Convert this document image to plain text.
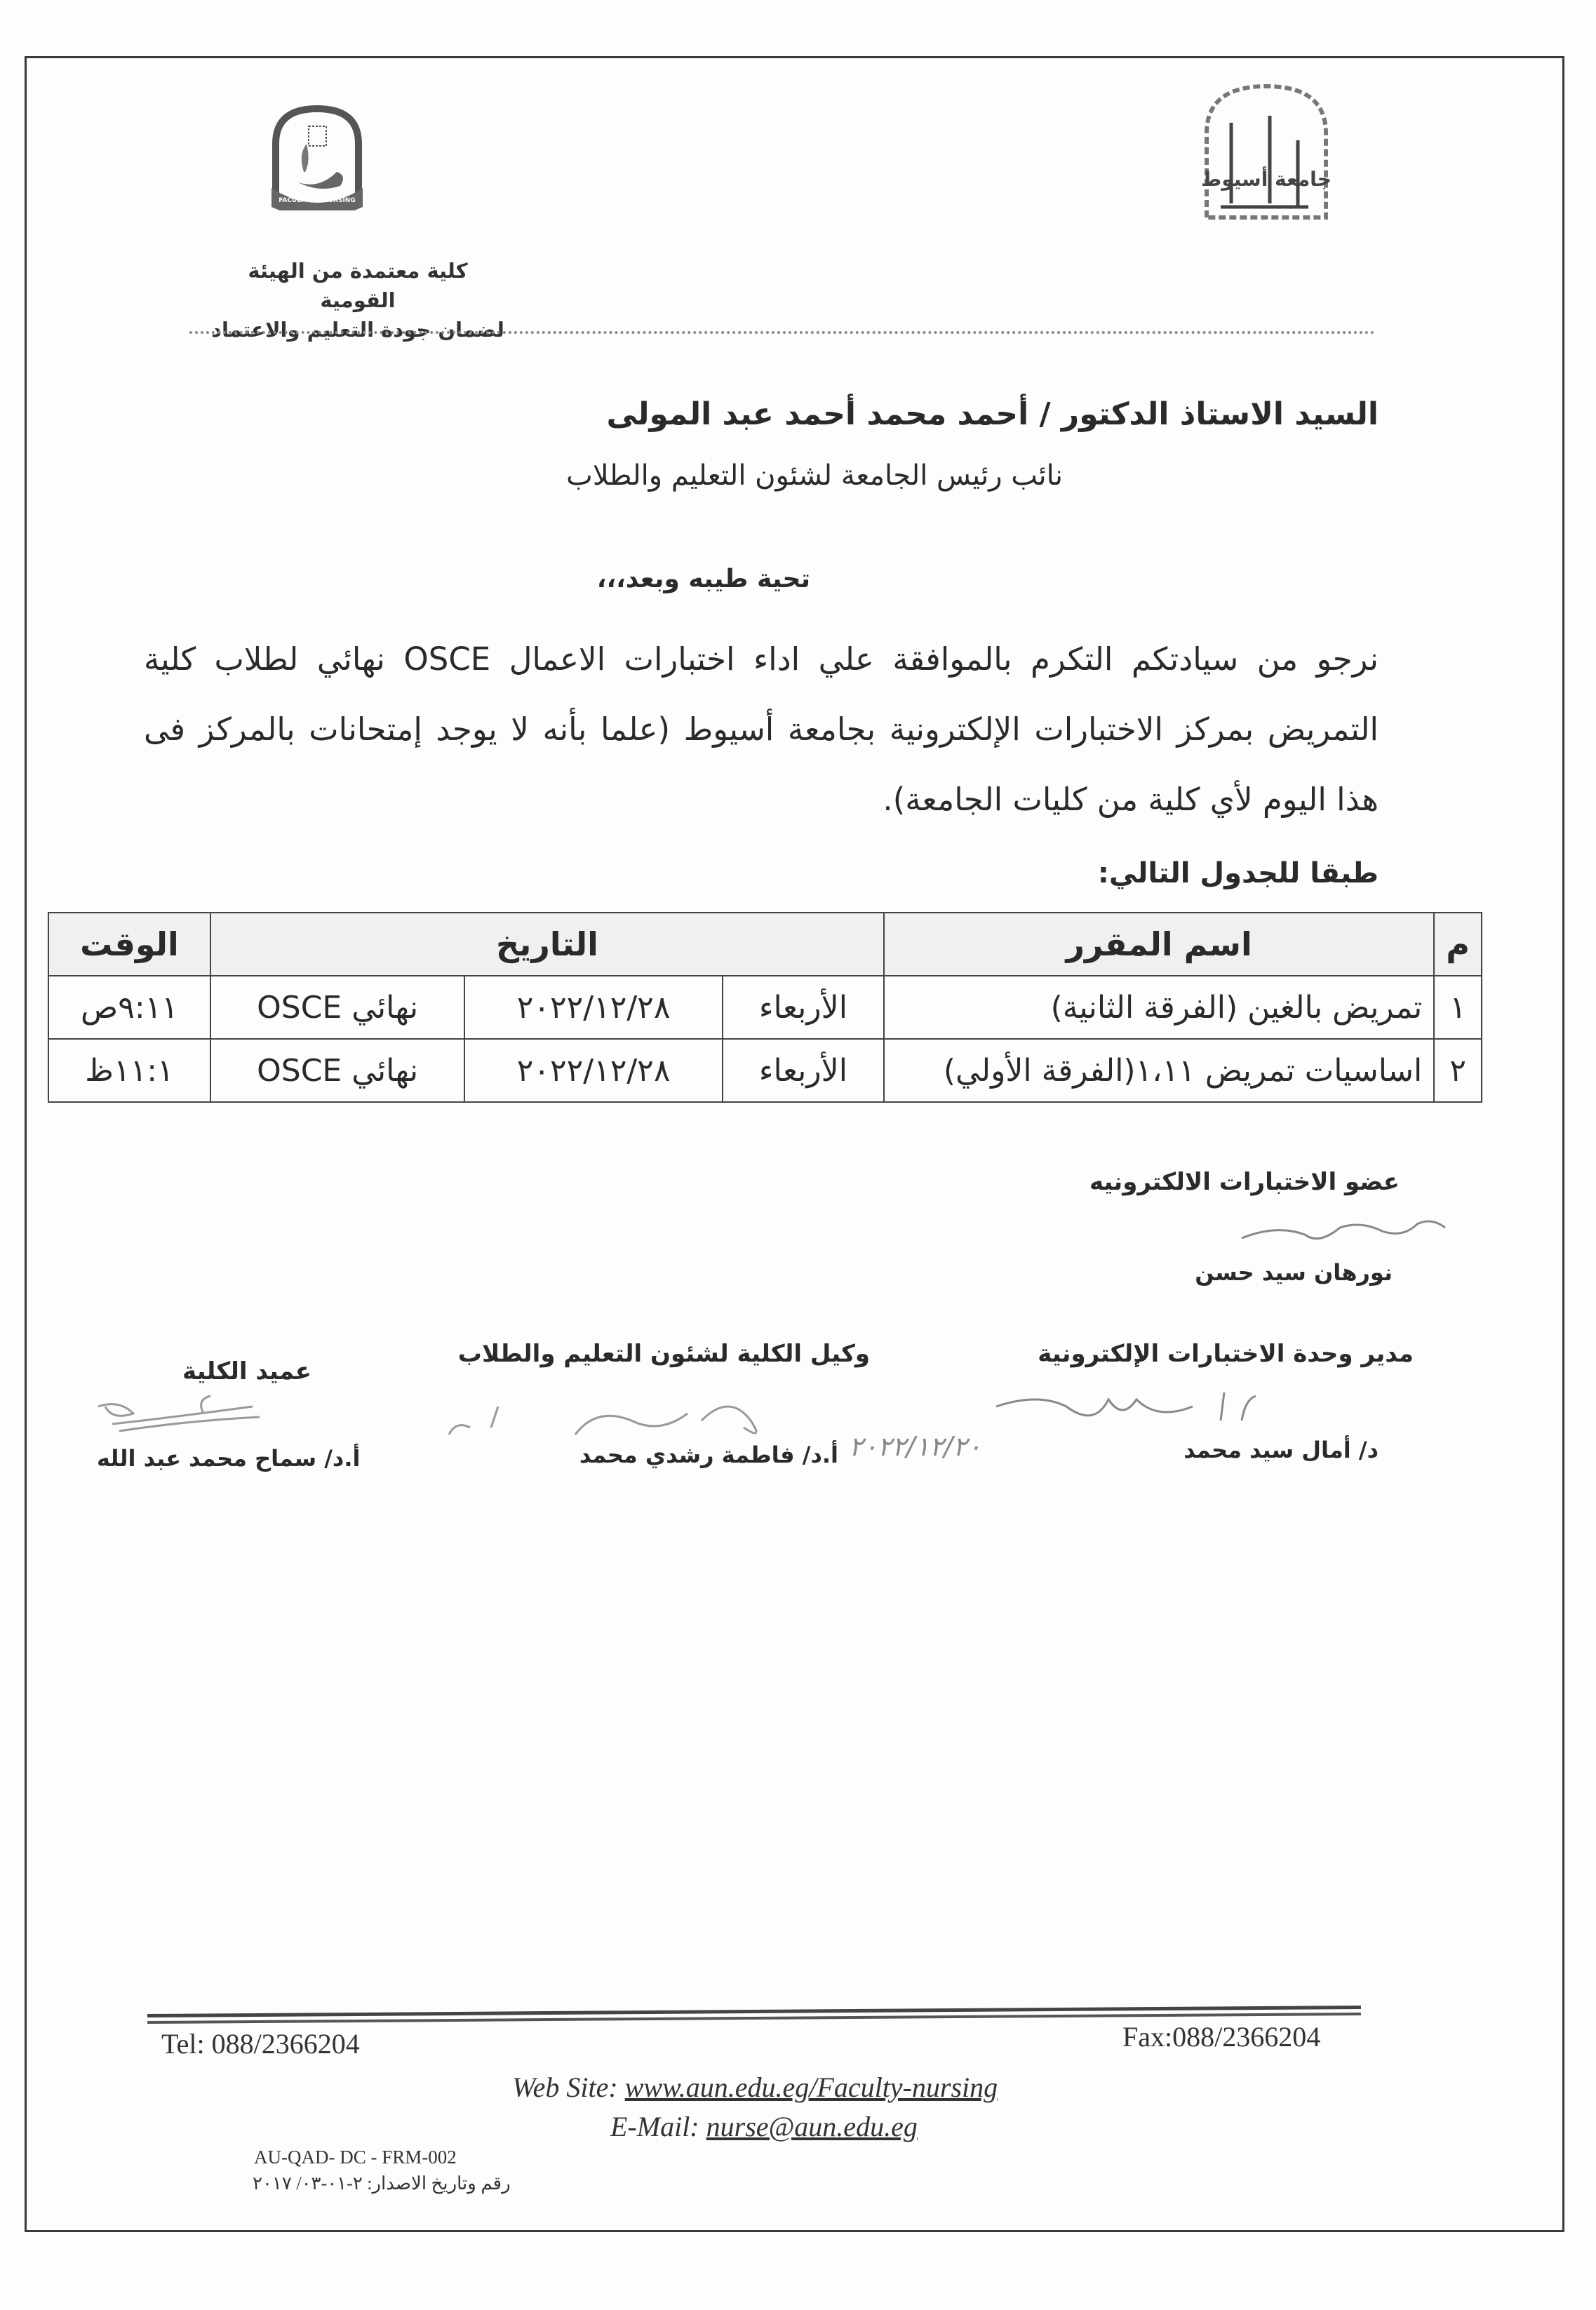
جامعة أسيوط
FACULTY OF NURSING
كلية معتمدة من الهيئة القومية
لضمان جودة التعليم والاعتماد
السيد الاستاذ الدكتور / أحمد محمد أحمد عبد المولى
نائب رئيس الجامعة لشئون التعليم والطلاب
تحية طيبه وبعد،،،
نرجو من سيادتكم التكرم بالموافقة علي اداء اختبارات الاعمال OSCE نهائي لطلاب كلية التمريض بمركز الاختبارات الإلكترونية بجامعة أسيوط (علما بأنه لا يوجد إمتحانات بالمركز فى هذا اليوم لأي كلية من كليات الجامعة).
طبقا للجدول التالي:
م	اسم المقرر	التاريخ			الوقت
١	تمريض بالغين (الفرقة الثانية)	الأربعاء	٢٠٢٢/١٢/٢٨	نهائي OSCE	٩:١١ص
٢	اساسيات تمريض ١،١١(الفرقة الأولي)	الأربعاء	٢٠٢٢/١٢/٢٨	نهائي OSCE	١١:١ظ
عضو الاختبارات الالكترونيه
نورهان سيد حسن
مدير وحدة الاختبارات الإلكترونية
د/ أمال سيد محمد
٢٠٢٢/١٢/٢٠
وكيل الكلية لشئون التعليم والطلاب
أ.د/ فاطمة رشدي محمد
عميد الكلية
أ.د/ سماح محمد عبد الله
Tel: 088/2366204	Fax:088/2366204
Web Site: www.aun.edu.eg/Faculty-nursing
E-Mail: nurse@aun.edu.eg
AU-QAD- DC - FRM-002
رقم وتاريخ الاصدار: ٢-٠١-٠٣/ ٢٠١٧
